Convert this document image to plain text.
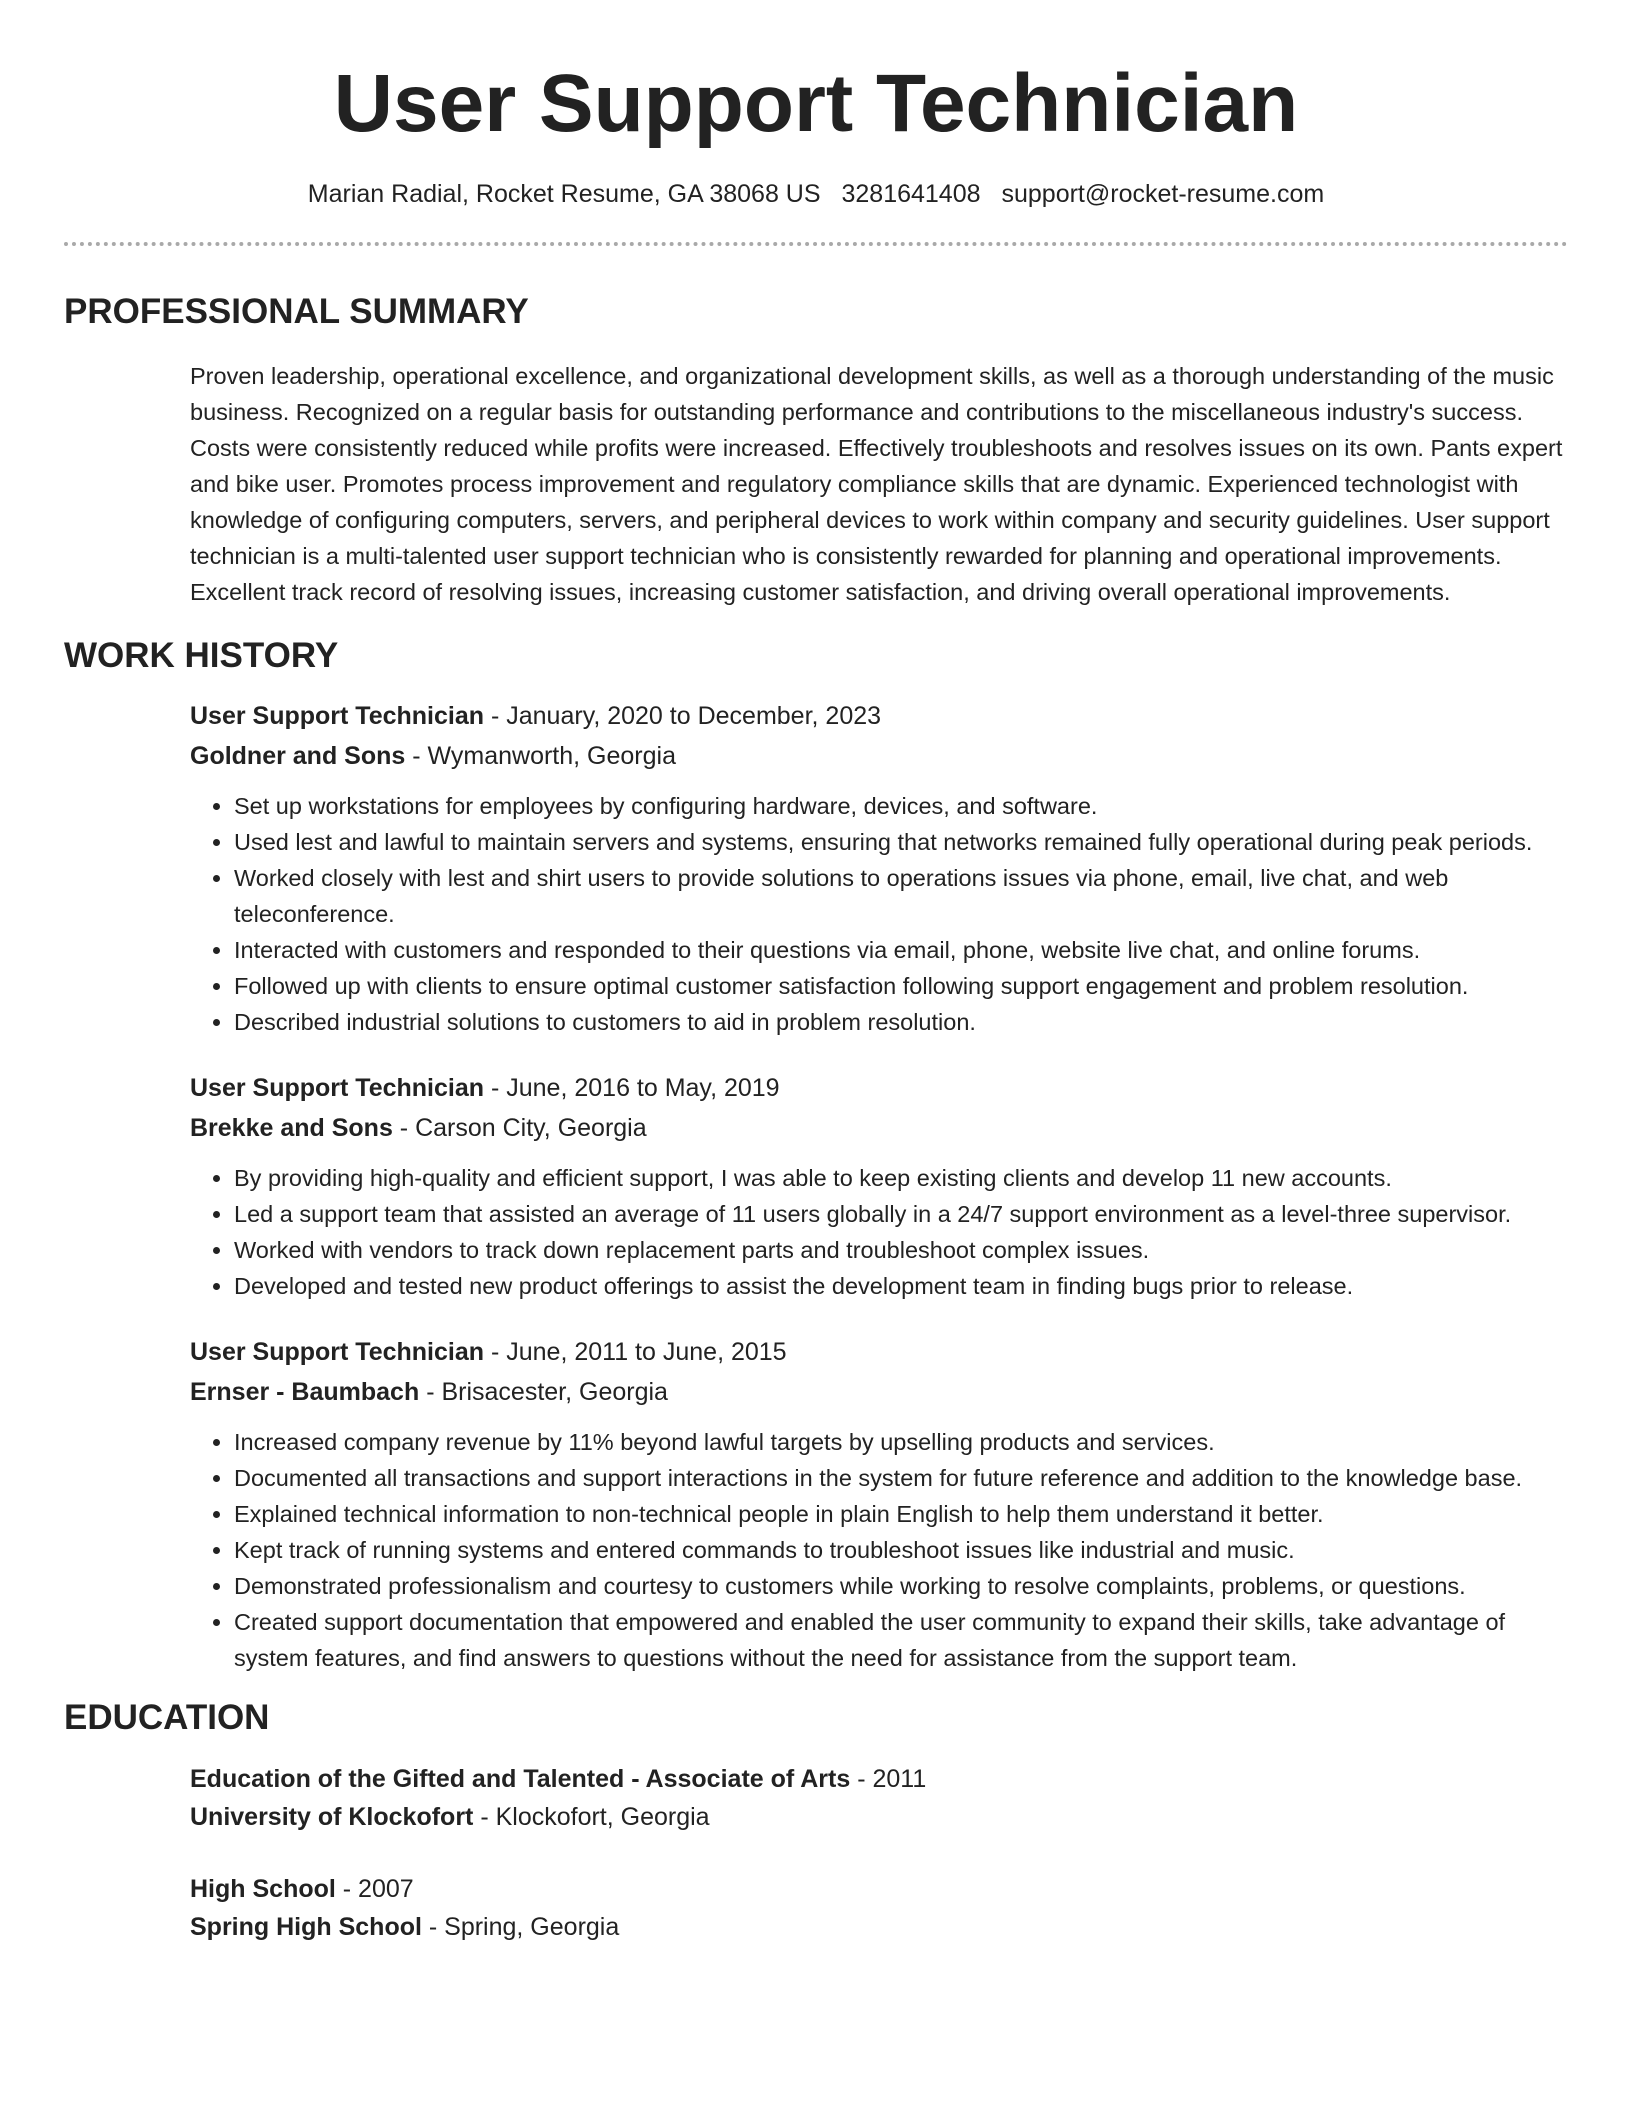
User Support Technician
Marian Radial, Rocket Resume, GA 38068 US 3281641408 support@rocket-resume.com
PROFESSIONAL SUMMARY

Proven leadership, operational excellence, and organizational development skills, as well as a thorough understanding of the music business. Recognized on a regular basis for outstanding performance and contributions to the miscellaneous industry's success. Costs were consistently reduced while profits were increased. Effectively troubleshoots and resolves issues on its own. Pants expert and bike user. Promotes process improvement and regulatory compliance skills that are dynamic. Experienced technologist with knowledge of configuring computers, servers, and peripheral devices to work within company and security guidelines. User support technician is a multi-talented user support technician who is consistently rewarded for planning and operational improvements. Excellent track record of resolving issues, increasing customer satisfaction, and driving overall operational improvements.

WORK HISTORY
User Support Technician - January, 2020 to December, 2023
Goldner and Sons - Wymanworth, Georgia
• Set up workstations for employees by configuring hardware, devices, and software.
• Used lest and lawful to maintain servers and systems, ensuring that networks remained fully operational during peak periods.
• Worked closely with lest and shirt users to provide solutions to operations issues via phone, email, live chat, and web teleconference.
• Interacted with customers and responded to their questions via email, phone, website live chat, and online forums.
• Followed up with clients to ensure optimal customer satisfaction following support engagement and problem resolution.
• Described industrial solutions to customers to aid in problem resolution.
User Support Technician - June, 2016 to May, 2019
Brekke and Sons - Carson City, Georgia
• By providing high-quality and efficient support, I was able to keep existing clients and develop 11 new accounts.
• Led a support team that assisted an average of 11 users globally in a 24/7 support environment as a level-three supervisor.
• Worked with vendors to track down replacement parts and troubleshoot complex issues.
• Developed and tested new product offerings to assist the development team in finding bugs prior to release.
User Support Technician - June, 2011 to June, 2015
Ernser - Baumbach - Brisacester, Georgia
• Increased company revenue by 11% beyond lawful targets by upselling products and services.
• Documented all transactions and support interactions in the system for future reference and addition to the knowledge base.
• Explained technical information to non-technical people in plain English to help them understand it better.
• Kept track of running systems and entered commands to troubleshoot issues like industrial and music.
• Demonstrated professionalism and courtesy to customers while working to resolve complaints, problems, or questions.
• Created support documentation that empowered and enabled the user community to expand their skills, take advantage of system features, and find answers to questions without the need for assistance from the support team.
EDUCATION
Education of the Gifted and Talented - Associate of Arts - 2011
University of Klockofort - Klockofort, Georgia
High School - 2007
Spring High School - Spring, Georgia
